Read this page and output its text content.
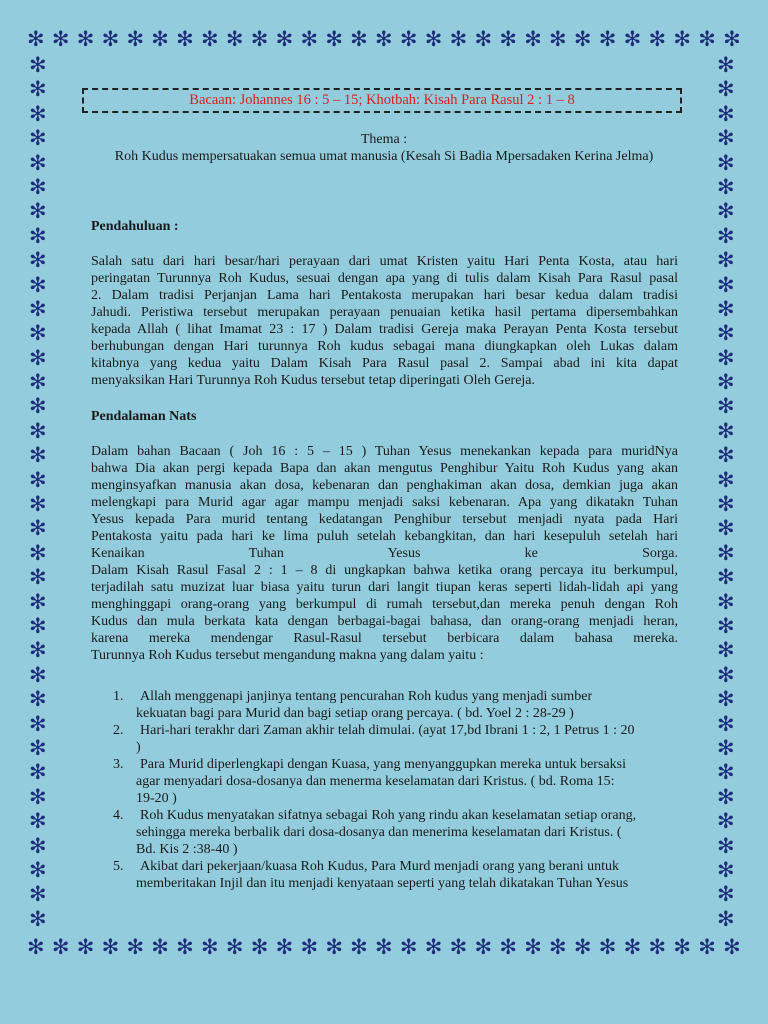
✻ ✻ ✻ ✻ ✻ ✻ ✻ ✻ ✻ ✻ ✻ ✻ ✻ ✻ ✻ ✻ ✻ ✻ ✻ ✻ ✻ ✻ ✻ ✻ ✻ ✻ ✻ ✻ ✻
✻ ✻ ✻ ✻ ✻ ✻ ✻ ✻ ✻ ✻ ✻ ✻ ✻ ✻ ✻ ✻ ✻ ✻ ✻ ✻ ✻ ✻ ✻ ✻ ✻ ✻ ✻ ✻ ✻
✻
✻
✻
✻
✻
✻
✻
✻
✻
✻
✻
✻
✻
✻
✻
✻
✻
✻
✻
✻
✻
✻
✻
✻
✻
✻
✻
✻
✻
✻
✻
✻
✻
✻
✻
✻
✻
✻
✻
✻
✻
✻
✻
✻
✻
✻
✻
✻
✻
✻
✻
✻
✻
✻
✻
✻
✻
✻
✻
✻
✻
✻
✻
✻
✻
✻
✻
✻
✻
✻
✻
✻
Bacaan: Johannes 16 : 5 – 15; Khotbah: Kisah Para Rasul 2 : 1 – 8
Thema :
Roh Kudus mempersatuakan semua umat manusia (Kesah Si Badia Mpersadaken Kerina Jelma)
Pendahuluan :
Salah satu dari hari besar/hari perayaan dari umat Kristen yaitu Hari Penta Kosta, atau hari
peringatan Turunnya Roh Kudus, sesuai dengan apa yang di tulis dalam Kisah Para Rasul pasal
2. Dalam tradisi Perjanjan Lama hari Pentakosta merupakan hari besar kedua dalam tradisi
Jahudi. Peristiwa tersebut merupakan perayaan penuaian ketika hasil pertama dipersembahkan
kepada Allah ( lihat Imamat 23 : 17 ) Dalam tradisi Gereja maka Perayan Penta Kosta tersebut
berhubungan dengan Hari turunnya Roh kudus sebagai mana diungkapkan oleh Lukas dalam
kitabnya yang kedua yaitu Dalam Kisah Para Rasul pasal 2. Sampai abad ini kita dapat
menyaksikan Hari Turunnya Roh Kudus tersebut tetap diperingati Oleh Gereja.
Pendalaman Nats
Dalam bahan Bacaan ( Joh 16 : 5 – 15 ) Tuhan Yesus menekankan kepada para muridNya
bahwa Dia akan pergi kepada Bapa dan akan mengutus Penghibur Yaitu Roh Kudus yang akan
menginsyafkan manusia akan dosa, kebenaran dan penghakiman akan dosa, demkian juga akan
melengkapi para Murid agar agar mampu menjadi saksi kebenaran. Apa yang dikatakn Tuhan
Yesus kepada Para murid tentang kedatangan Penghibur tersebut menjadi nyata pada Hari
Pentakosta yaitu pada hari ke lima puluh setelah kebangkitan, dan hari kesepuluh setelah hari
Kenaikan Tuhan Yesus ke Sorga.
Dalam Kisah Rasul Fasal 2 : 1 – 8 di ungkapkan bahwa ketika orang percaya itu berkumpul,
terjadilah satu muzizat luar biasa yaitu turun dari langit tiupan keras seperti lidah-lidah api yang
menghinggapi orang-orang yang berkumpul di rumah tersebut,dan mereka penuh dengan Roh
Kudus dan mula berkata kata dengan berbagai-bagai bahasa, dan orang-orang menjadi heran,
karena mereka mendengar Rasul-Rasul tersebut berbicara dalam bahasa mereka.
Turunnya Roh Kudus tersebut mengandung makna yang dalam yaitu :
1. Allah menggenapi janjinya tentang pencurahan Roh kudus yang menjadi sumber
kekuatan bagi para Murid dan bagi setiap orang percaya. ( bd. Yoel 2 : 28-29 )
2. Hari-hari terakhr dari Zaman akhir telah dimulai. (ayat 17,bd Ibrani 1 : 2, 1 Petrus 1 : 20
)
3. Para Murid diperlengkapi dengan Kuasa, yang menyanggupkan mereka untuk bersaksi
agar menyadari dosa-dosanya dan menerma keselamatan dari Kristus. ( bd. Roma 15:
19-20 )
4. Roh Kudus menyatakan sifatnya sebagai Roh yang rindu akan keselamatan setiap orang,
sehingga mereka berbalik dari dosa-dosanya dan menerima keselamatan dari Kristus. (
Bd. Kis 2 :38-40 )
5. Akibat dari pekerjaan/kuasa Roh Kudus, Para Murd menjadi orang yang berani untuk
memberitakan Injil dan itu menjadi kenyataan seperti yang telah dikatakan Tuhan Yesus
